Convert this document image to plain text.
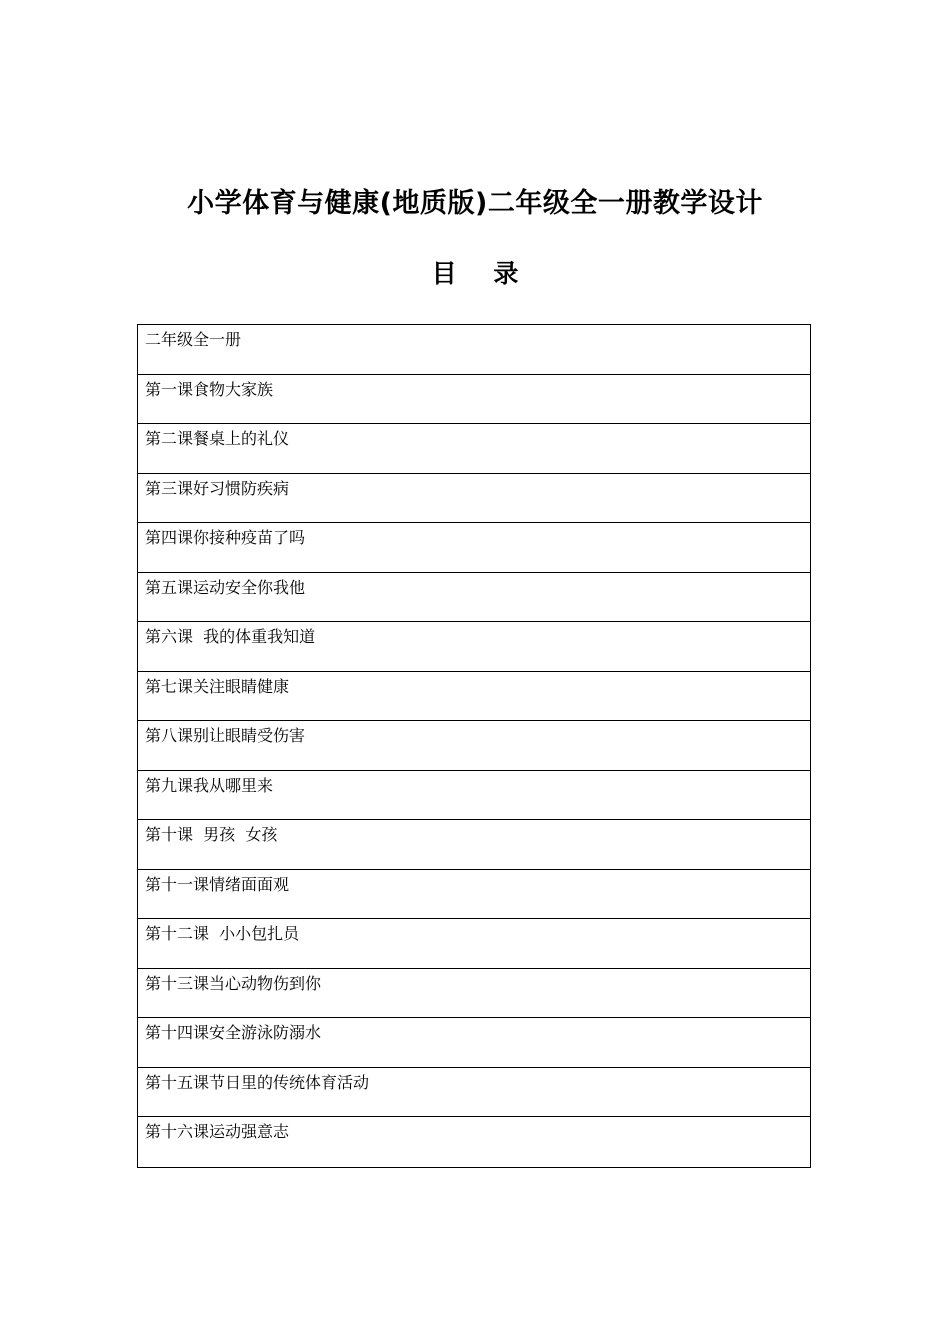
小学体育与健康(地质版)二年级全一册教学设计
目 录
二年级全一册
第一课食物大家族
第二课餐桌上的礼仪
第三课好习惯防疾病
第四课你接种疫苗了吗
第五课运动安全你我他
第六课  我的体重我知道
第七课关注眼睛健康
第八课别让眼睛受伤害
第九课我从哪里来
第十课  男孩  女孩
第十一课情绪面面观
第十二课  小小包扎员
第十三课当心动物伤到你
第十四课安全游泳防溺水
第十五课节日里的传统体育活动
第十六课运动强意志
